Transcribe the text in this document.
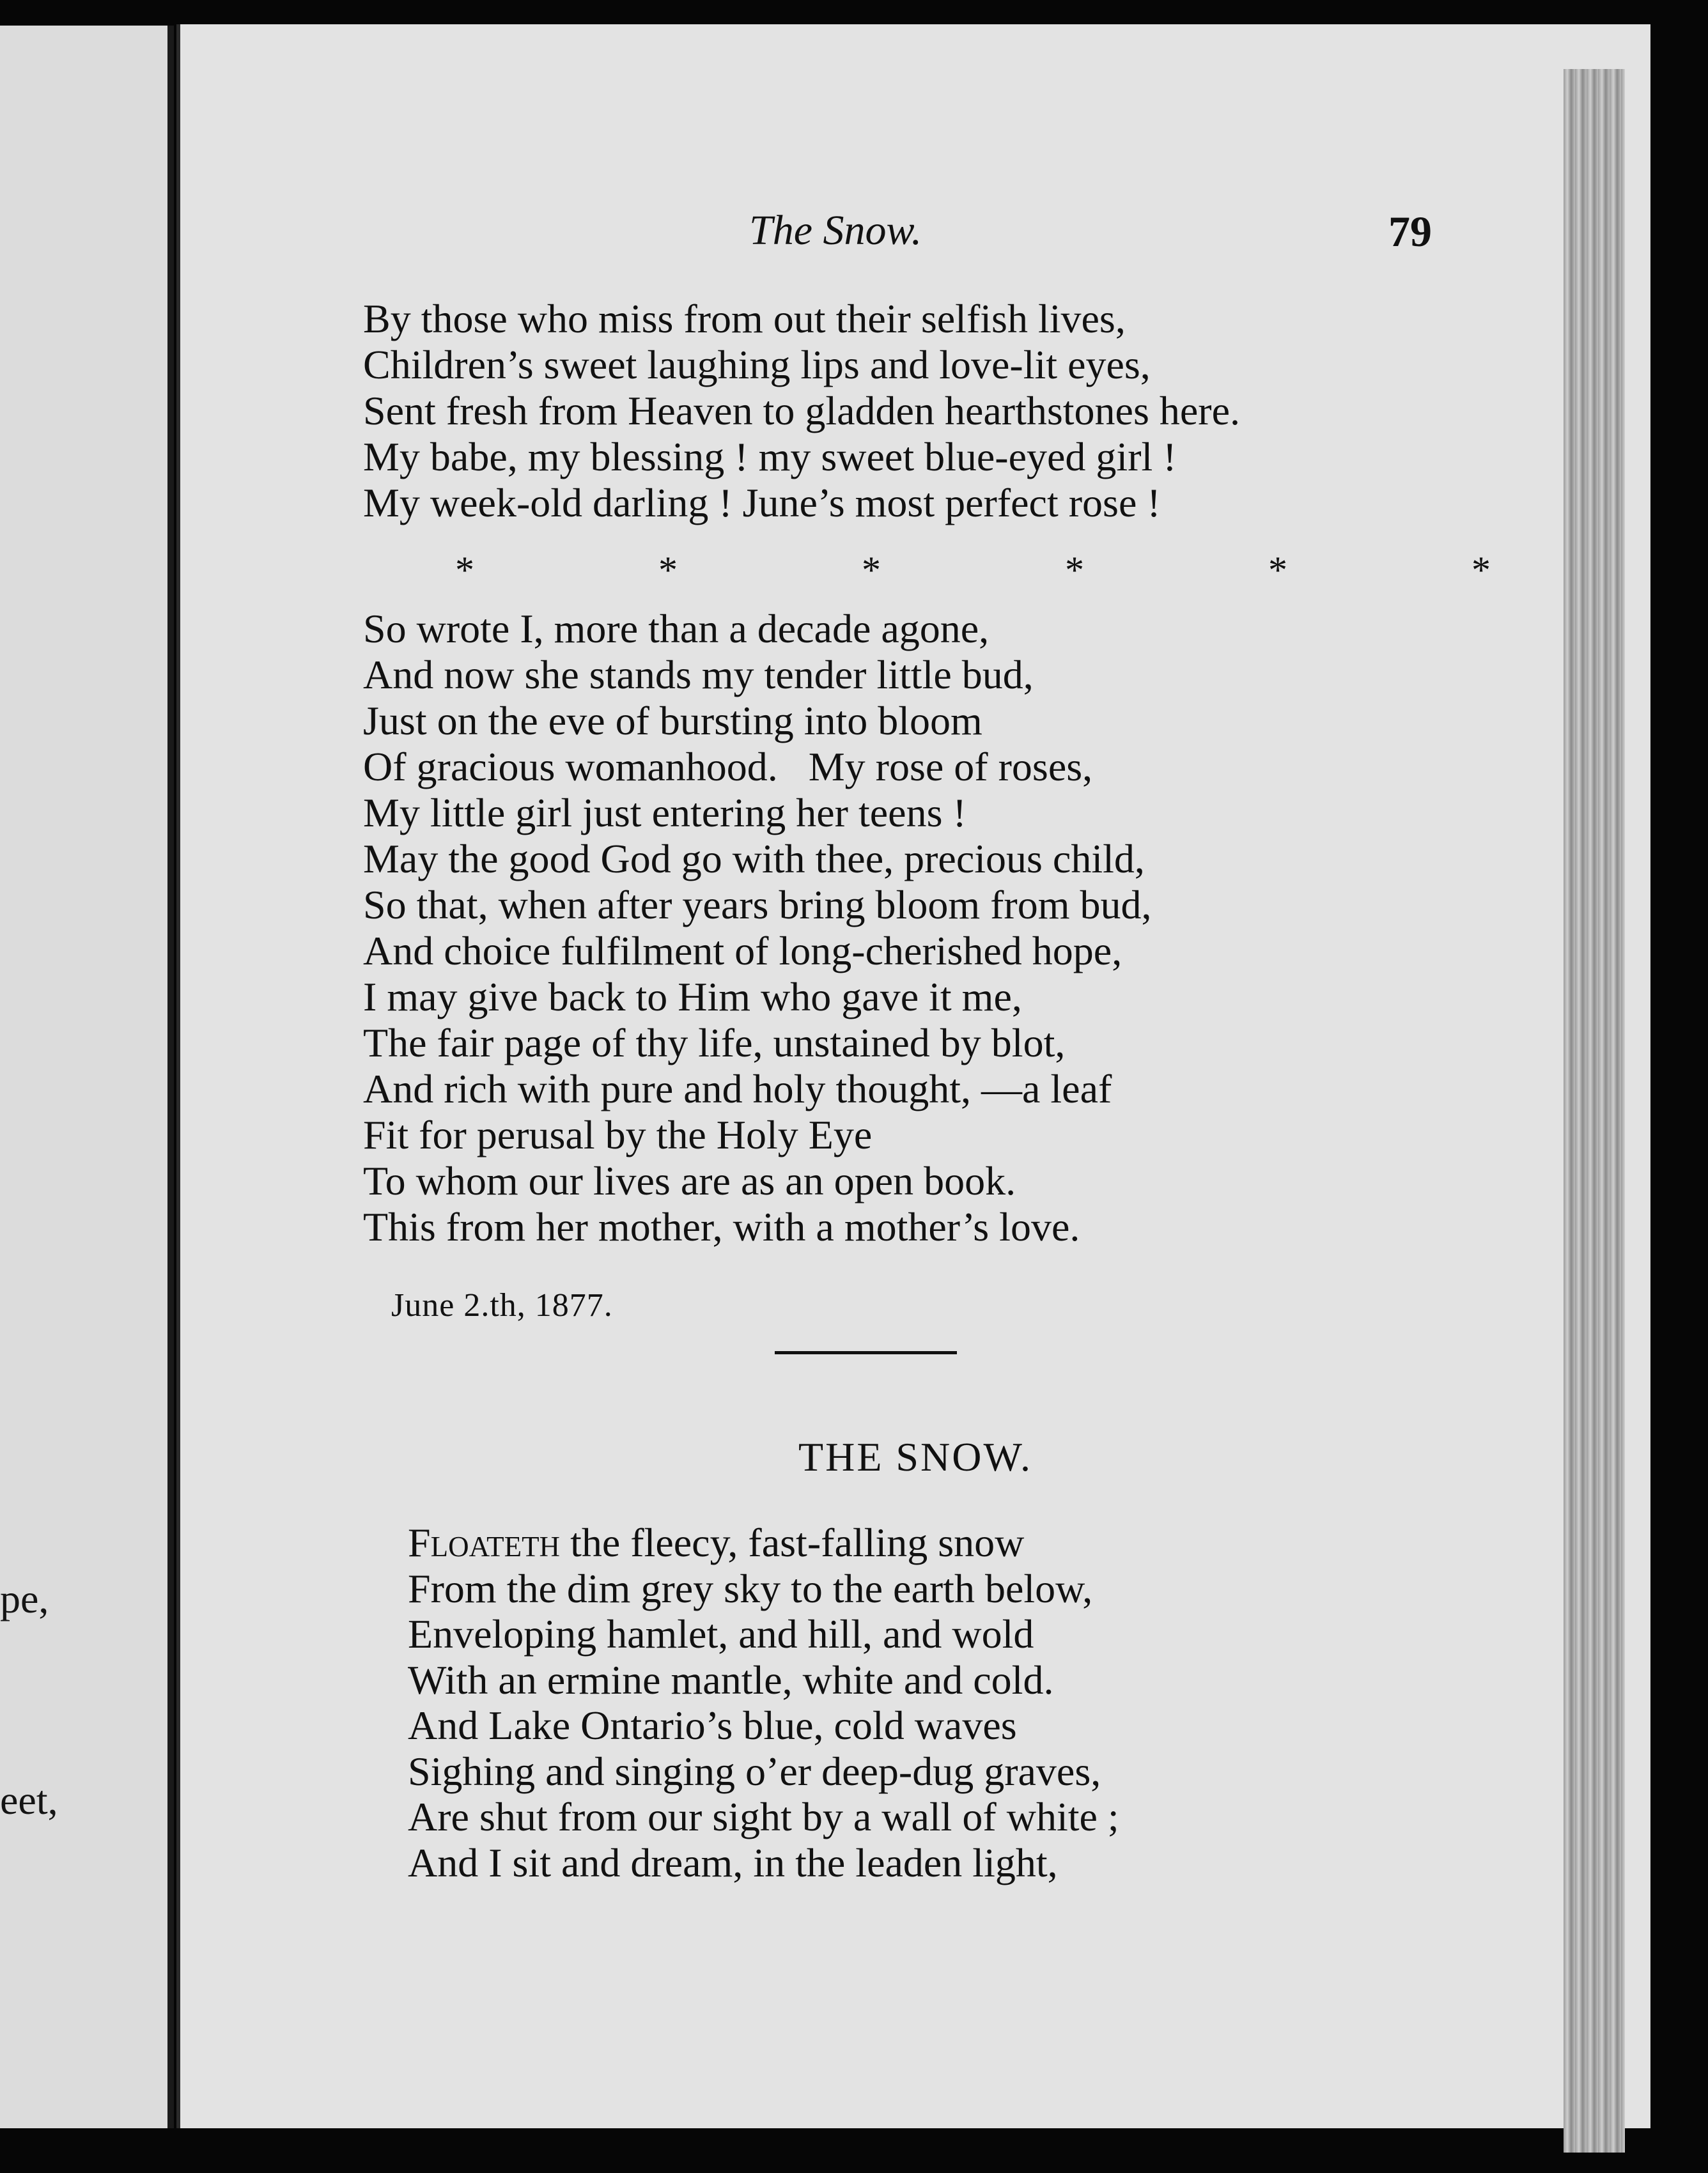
pe,
eet,
The Snow.	79
By those who miss from out their selfish lives,
Children’s sweet laughing lips and love-lit eyes,
Sent fresh from Heaven to gladden hearthstones here.
My babe, my blessing ! my sweet blue-eyed girl !
My week-old darling ! June’s most perfect rose !
*	*	*	*	*	*
So wrote I, more than a decade agone,
And now she stands my tender little bud,
Just on the eve of bursting into bloom
Of gracious womanhood.   My rose of roses,
My little girl just entering her teens !
May the good God go with thee, precious child,
So that, when after years bring bloom from bud,
And choice fulfilment of long-cherished hope,
I may give back to Him who gave it me,
The fair page of thy life, unstained by blot,
And rich with pure and holy thought, —a leaf
Fit for perusal by the Holy Eye
To whom our lives are as an open book.
This from her mother, with a mother’s love.
June 2.th, 1877.
THE SNOW.
Floateth the fleecy, fast-falling snow
From the dim grey sky to the earth below,
Enveloping hamlet, and hill, and wold
With an ermine mantle, white and cold.
And Lake Ontario’s blue, cold waves
Sighing and singing o’er deep-dug graves,
Are shut from our sight by a wall of white ;
And I sit and dream, in the leaden light,
